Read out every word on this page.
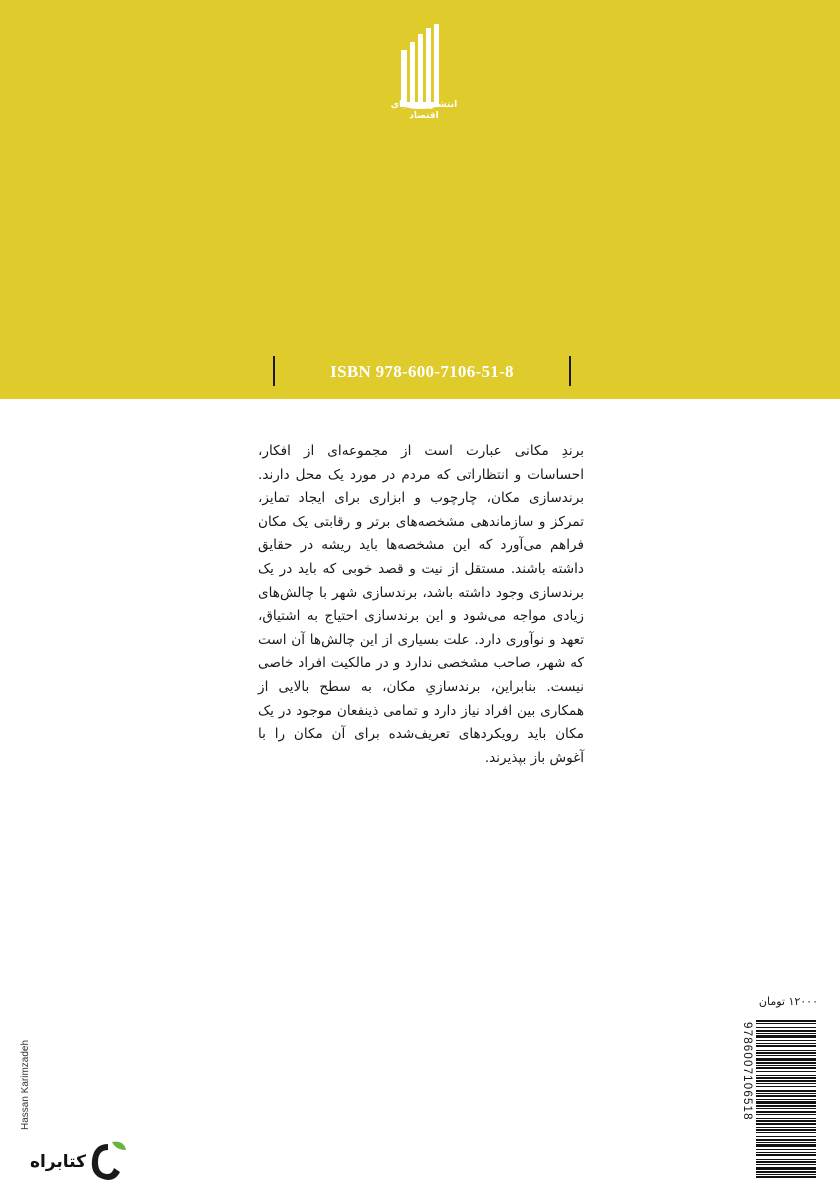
انتشارات دنیای اقتصاد
ISBN 978-600-7106-51-8

برندِ مکانی عبارت است از مجموعه‌ای از افکار، احساسات و انتظاراتی که مردم در مورد یک محل دارند. برندسازی مکان، چارچوب و ابزاری برای ایجاد تمایز، تمرکز و سازماندهی مشخصه‌های برتر و رقابتی یک مکان فراهم می‌آورد که این مشخصه‌ها باید ریشه در حقایق داشته باشند. مستقل از نیت و قصد خوبی که باید در یک برندسازی وجود داشته باشد، برندسازی شهر با چالش‌های زیادی مواجه می‌شود و این برندسازی احتیاج به اشتیاق، تعهد و نوآوری دارد. علت بسیاری از این چالش‌ها آن است که شهر، صاحب مشخصی ندارد و در مالکیت افراد خاصی نیست. بنابراین، برندسازیِ مکان، به سطح بالایی از همکاری بین افراد نیاز دارد و تمامی ذینفعان موجود در یک مکان باید رویکردهای تعریف‌شده برای آن مکان را با آغوش باز بپذیرند.

۱۲۰۰۰ تومان
9786007106518
Hassan Karimzadeh
کتابراه
